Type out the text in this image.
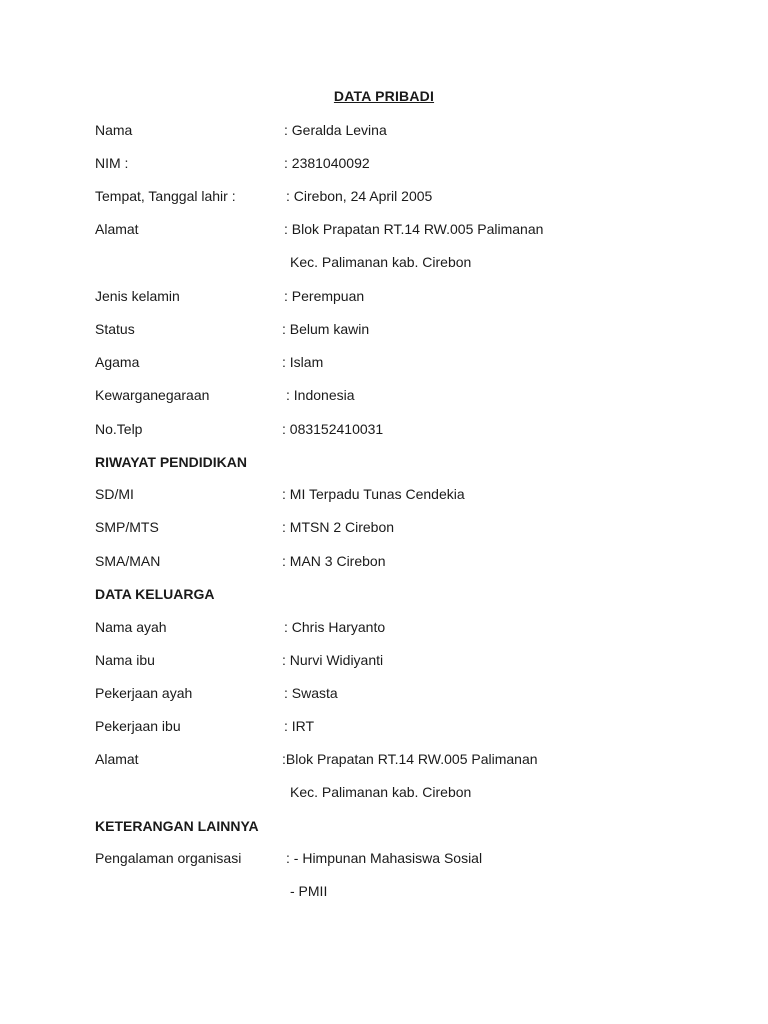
DATA PRIBADI
Nama	: Geralda Levina
NIM :	: 2381040092
Tempat, Tanggal lahir :	: Cirebon, 24 April 2005
Alamat	: Blok Prapatan RT.14 RW.005 Palimanan
Kec. Palimanan kab. Cirebon
Jenis kelamin	: Perempuan
Status	: Belum kawin
Agama	: Islam
Kewarganegaraan	: Indonesia
No.Telp	: 083152410031
RIWAYAT PENDIDIKAN
SD/MI	: MI Terpadu Tunas Cendekia
SMP/MTS	: MTSN 2 Cirebon
SMA/MAN	: MAN 3 Cirebon
DATA KELUARGA
Nama ayah	: Chris Haryanto
Nama ibu	: Nurvi Widiyanti
Pekerjaan ayah	: Swasta
Pekerjaan ibu	: IRT
Alamat	:Blok Prapatan RT.14 RW.005 Palimanan
Kec. Palimanan kab. Cirebon
KETERANGAN LAINNYA
Pengalaman organisasi	: - Himpunan Mahasiswa Sosial
- PMII
